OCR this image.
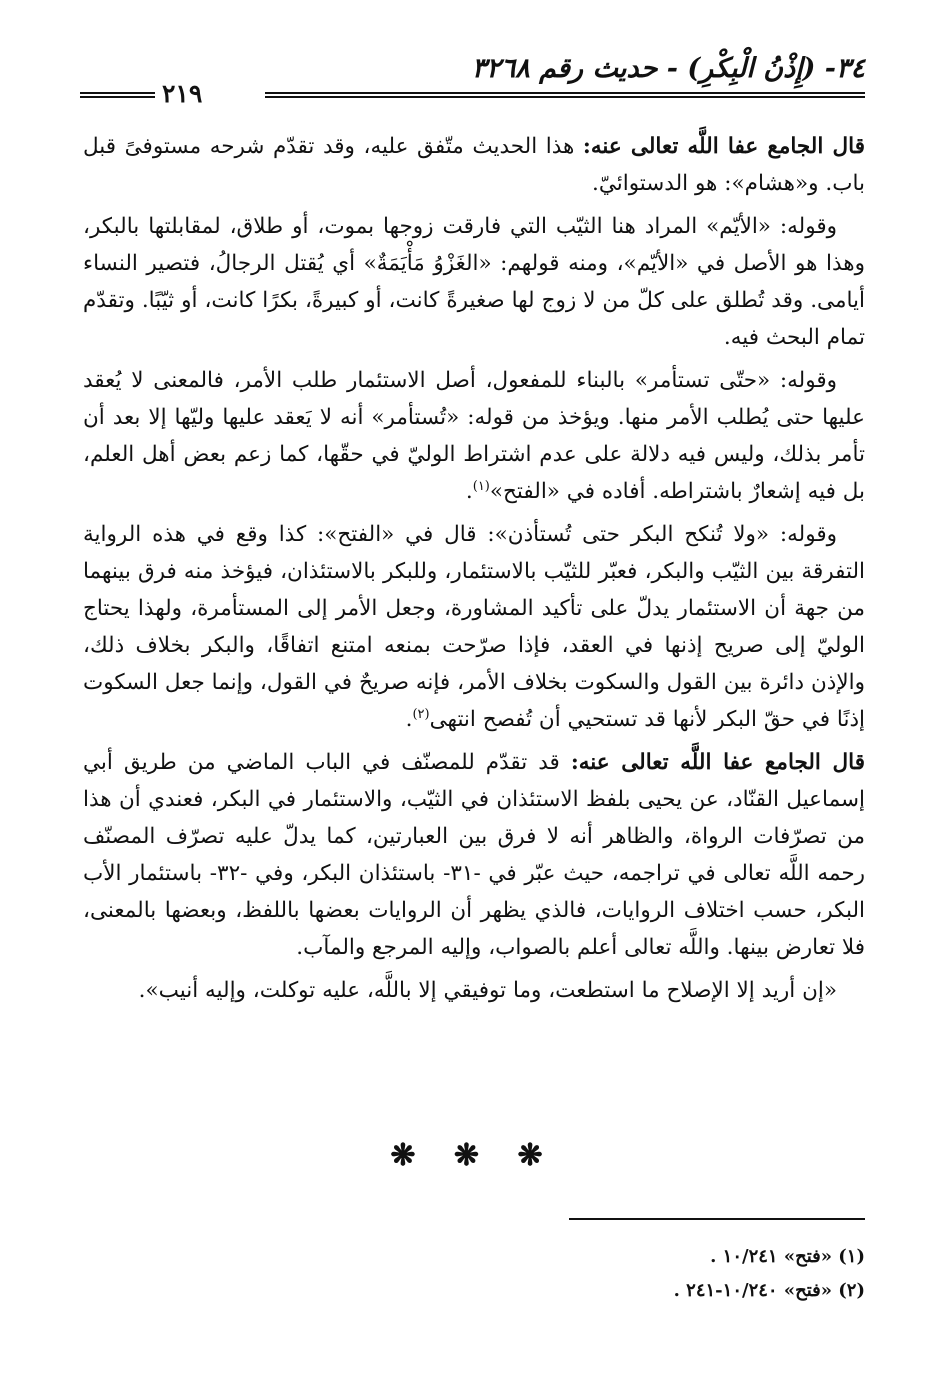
٣٤- (إِذْنُ الْبِكْرِ) - حديث رقم ٣٢٦٨
٢١٩

قال الجامع عفا اللَّه تعالى عنه: هذا الحديث متّفق عليه، وقد تقدّم شرحه مستوفىً قبل باب. و«هشام»: هو الدستوائيّ.

وقوله: «الأيّم» المراد هنا الثيّب التي فارقت زوجها بموت، أو طلاق، لمقابلتها بالبكر، وهذا هو الأصل في «الأيّم»، ومنه قولهم: «الغَزْوُ مَأْيَمَةٌ» أي يُقتل الرجالُ، فتصير النساء أيامى. وقد تُطلق على كلّ من لا زوج لها صغيرةً كانت، أو كبيرةً، بكرًا كانت، أو ثيّبًا. وتقدّم تمام البحث فيه.

وقوله: «حتّى تستأمر» بالبناء للمفعول، أصل الاستئمار طلب الأمر، فالمعنى لا يُعقد عليها حتى يُطلب الأمر منها. ويؤخذ من قوله: «تُستأمر» أنه لا يَعقد عليها وليّها إلا بعد أن تأمر بذلك، وليس فيه دلالة على عدم اشتراط الوليّ في حقّها، كما زعم بعض أهل العلم، بل فيه إشعارٌ باشتراطه. أفاده في «الفتح»$^{(١)}$.

وقوله: «ولا تُنكح البكر حتى تُستأذن»: قال في «الفتح»: كذا وقع في هذه الرواية التفرقة بين الثيّب والبكر، فعبّر للثيّب بالاستئمار، وللبكر بالاستئذان، فيؤخذ منه فرق بينهما من جهة أن الاستئمار يدلّ على تأكيد المشاورة، وجعل الأمر إلى المستأمرة، ولهذا يحتاج الوليّ إلى صريح إذنها في العقد، فإذا صرّحت بمنعه امتنع اتفاقًا، والبكر بخلاف ذلك، والإذن دائرة بين القول والسكوت بخلاف الأمر، فإنه صريحٌ في القول، وإنما جعل السكوت إذنًا في حقّ البكر لأنها قد تستحيي أن تُفصح انتهى$^{(٢)}$.

قال الجامع عفا اللَّه تعالى عنه: قد تقدّم للمصنّف في الباب الماضي من طريق أبي إسماعيل القنّاد، عن يحيى بلفظ الاستئذان في الثيّب، والاستئمار في البكر، فعندي أن هذا من تصرّفات الرواة، والظاهر أنه لا فرق بين العبارتين، كما يدلّ عليه تصرّف المصنّف رحمه اللَّه تعالى في تراجمه، حيث عبّر في -٣١- باستئذان البكر، وفي -٣٢- باستئمار الأب البكر، حسب اختلاف الروايات، فالذي يظهر أن الروايات بعضها باللفظ، وبعضها بالمعنى، فلا تعارض بينها. واللَّه تعالى أعلم بالصواب، وإليه المرجع والمآب.

«إن أريد إلا الإصلاح ما استطعت، وما توفيقي إلا باللَّه، عليه توكلت، وإليه أنيب».

❋ ❋ ❋
(١) «فتح» ١٠/٢٤١ .
(٢) «فتح» ١٠/٢٤٠-٢٤١ .
